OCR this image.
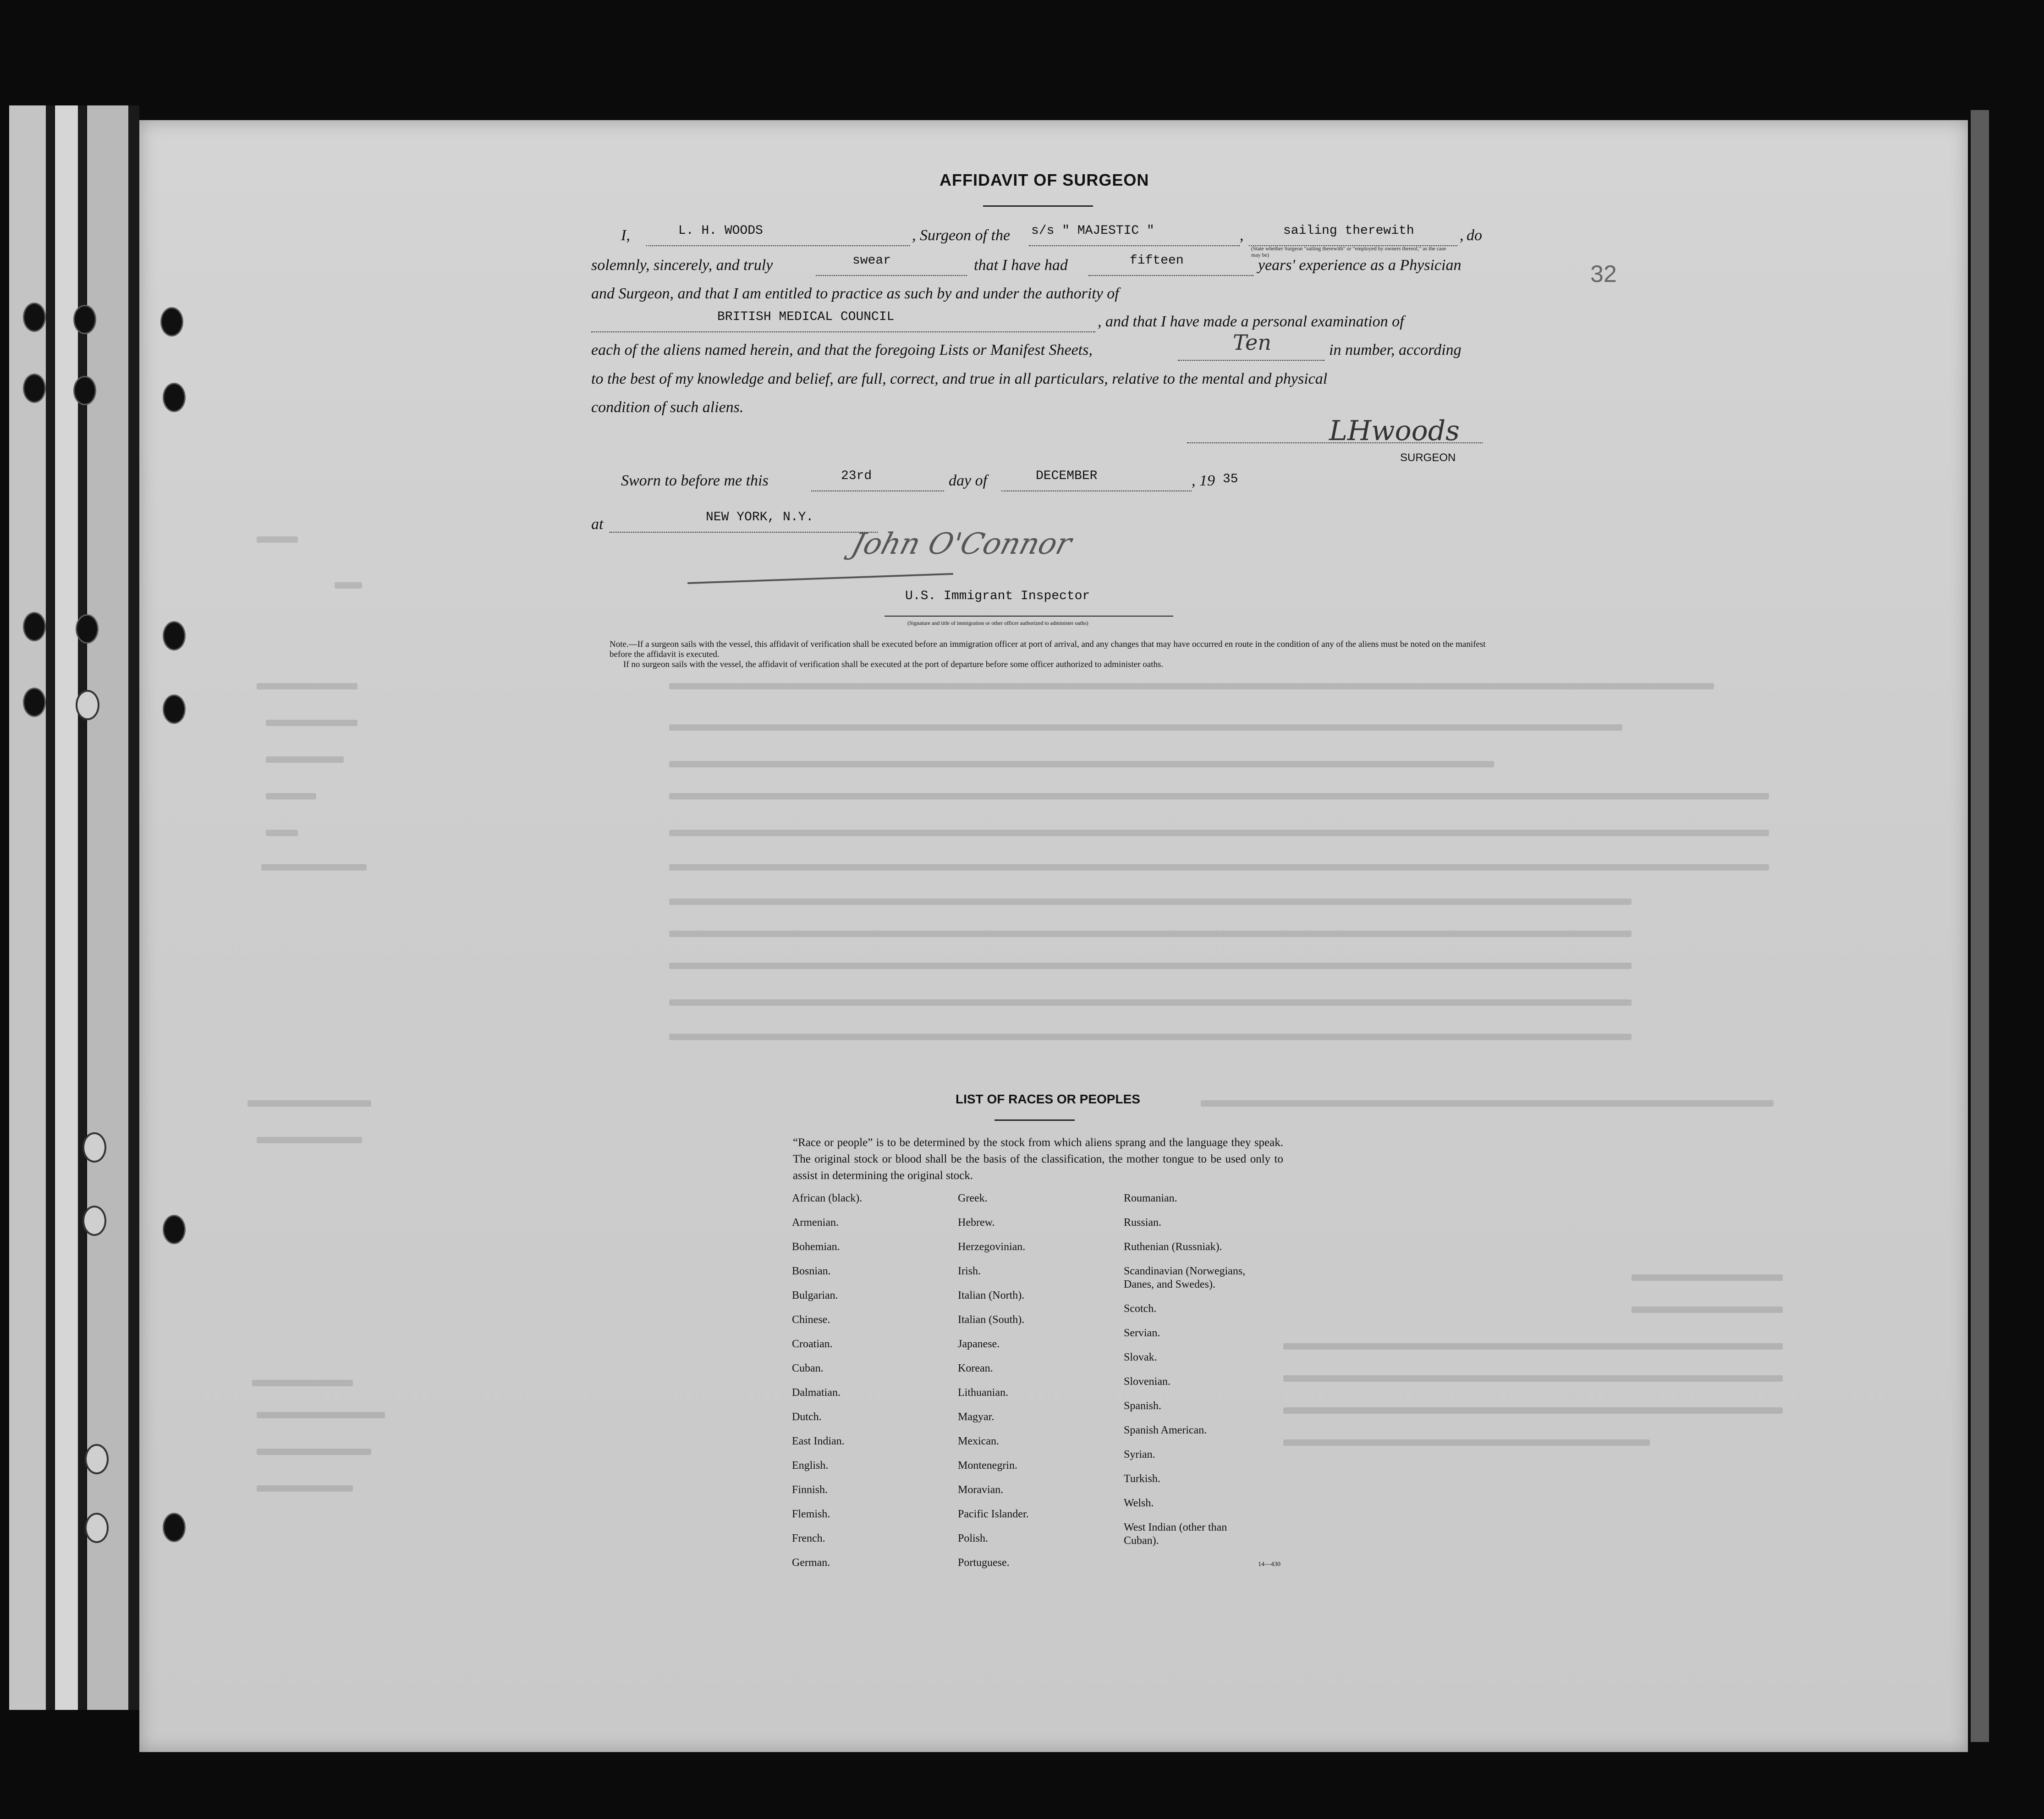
32
AFFIDAVIT OF SURGEON
I,	L. H. WOODS	, Surgeon of the s/s " MAJESTIC "	,	sailing therewith	, do
(State whether Surgeon "sailing therewith" or "employed by owners thereof," as the case may be)
solemnly, sincerely, and truly	swear	that I have had	fifteen	years' experience as a Physician
and Surgeon, and that I am entitled to practice as such by and under the authority of
BRITISH MEDICAL COUNCIL	, and that I have made a personal examination of
each of the aliens named herein, and that the foregoing Lists or Manifest Sheets,	Ten	in number, according
to the best of my knowledge and belief, are full, correct, and true in all particulars, relative to the mental and physical
condition of such aliens.
LHwoods
SURGEON
Sworn to before me this	23rd	day of	DECEMBER	, 19 35
at	NEW YORK, N.Y.
John O'Connor
U.S. Immigrant Inspector
(Signature and title of immigration or other officer authorized to administer oaths)
Note.—If a surgeon sails with the vessel, this affidavit of verification shall be executed before an immigration officer at port of arrival, and any changes that may have occurred en route in the condition of any of the aliens must be noted on the manifest before the affidavit is executed.
If no surgeon sails with the vessel, the affidavit of verification shall be executed at the port of departure before some officer authorized to administer oaths.
LIST OF RACES OR PEOPLES
“Race or people” is to be determined by the stock from which aliens sprang and the language they speak. The original stock or blood shall be the basis of the classification, the mother tongue to be used only to assist in determining the original stock.
African (black).
Armenian.
Bohemian.
Bosnian.
Bulgarian.
Chinese.
Croatian.
Cuban.
Dalmatian.
Dutch.
East Indian.
English.
Finnish.
Flemish.
French.
German.
Greek.
Hebrew.
Herzegovinian.
Irish.
Italian (North).
Italian (South).
Japanese.
Korean.
Lithuanian.
Magyar.
Mexican.
Montenegrin.
Moravian.
Pacific Islander.
Polish.
Portuguese.
Roumanian.
Russian.
Ruthenian (Russniak).
Scandinavian (Norwegians,
Danes, and Swedes).
Scotch.
Servian.
Slovak.
Slovenian.
Spanish.
Spanish American.
Syrian.
Turkish.
Welsh.
West Indian (other than
Cuban).
14—430
